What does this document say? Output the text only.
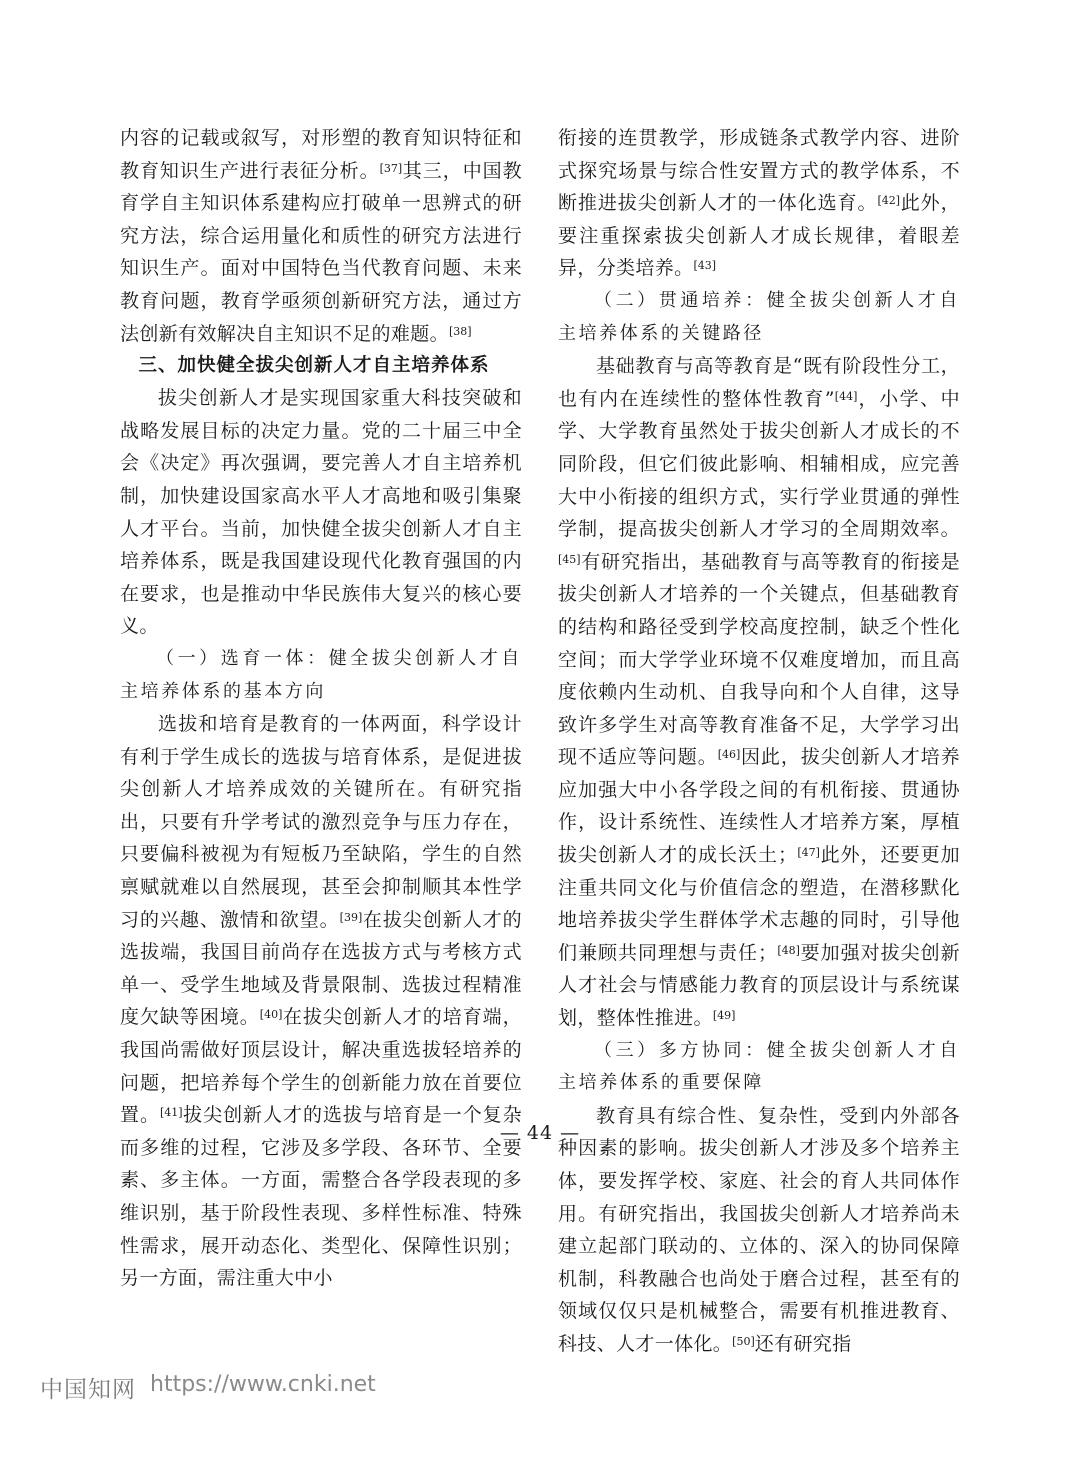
内容的记载或叙写，对形塑的教育知识特征和教育知识生产进行表征分析。[37]其三，中国教育学自主知识体系建构应打破单一思辨式的研究方法，综合运用量化和质性的研究方法进行知识生产。面对中国特色当代教育问题、未来教育问题，教育学亟须创新研究方法，通过方法创新有效解决自主知识不足的难题。[38]

三、加快健全拔尖创新人才自主培养体系

拔尖创新人才是实现国家重大科技突破和战略发展目标的决定力量。党的二十届三中全会《决定》再次强调，要完善人才自主培养机制，加快建设国家高水平人才高地和吸引集聚人才平台。当前，加快健全拔尖创新人才自主培养体系，既是我国建设现代化教育强国的内在要求，也是推动中华民族伟大复兴的核心要义。

（一）选育一体：健全拔尖创新人才自主培养体系的基本方向

选拔和培育是教育的一体两面，科学设计有利于学生成长的选拔与培育体系，是促进拔尖创新人才培养成效的关键所在。有研究指出，只要有升学考试的激烈竞争与压力存在，只要偏科被视为有短板乃至缺陷，学生的自然禀赋就难以自然展现，甚至会抑制顺其本性学习的兴趣、激情和欲望。[39]在拔尖创新人才的选拔端，我国目前尚存在选拔方式与考核方式单一、受学生地域及背景限制、选拔过程精准度欠缺等困境。[40]在拔尖创新人才的培育端，我国尚需做好顶层设计，解决重选拔轻培养的问题，把培养每个学生的创新能力放在首要位置。[41]拔尖创新人才的选拔与培育是一个复杂而多维的过程，它涉及多学段、各环节、全要素、多主体。一方面，需整合各学段表现的多维识别，基于阶段性表现、多样性标准、特殊性需求，展开动态化、类型化、保障性识别；另一方面，需注重大中小

衔接的连贯教学，形成链条式教学内容、进阶式探究场景与综合性安置方式的教学体系，不断推进拔尖创新人才的一体化选育。[42]此外，要注重探索拔尖创新人才成长规律，着眼差异，分类培养。[43]

（二）贯通培养：健全拔尖创新人才自主培养体系的关键路径

基础教育与高等教育是“既有阶段性分工，也有内在连续性的整体性教育”[44]，小学、中学、大学教育虽然处于拔尖创新人才成长的不同阶段，但它们彼此影响、相辅相成，应完善大中小衔接的组织方式，实行学业贯通的弹性学制，提高拔尖创新人才学习的全周期效率。[45]有研究指出，基础教育与高等教育的衔接是拔尖创新人才培养的一个关键点，但基础教育的结构和路径受到学校高度控制，缺乏个性化空间；而大学学业环境不仅难度增加，而且高度依赖内生动机、自我导向和个人自律，这导致许多学生对高等教育准备不足，大学学习出现不适应等问题。[46]因此，拔尖创新人才培养应加强大中小各学段之间的有机衔接、贯通协作，设计系统性、连续性人才培养方案，厚植拔尖创新人才的成长沃土；[47]此外，还要更加注重共同文化与价值信念的塑造，在潜移默化地培养拔尖学生群体学术志趣的同时，引导他们兼顾共同理想与责任；[48]要加强对拔尖创新人才社会与情感能力教育的顶层设计与系统谋划，整体性推进。[49]

（三）多方协同：健全拔尖创新人才自主培养体系的重要保障

教育具有综合性、复杂性，受到内外部各种因素的影响。拔尖创新人才涉及多个培养主体，要发挥学校、家庭、社会的育人共同体作用。有研究指出，我国拔尖创新人才培养尚未建立起部门联动的、立体的、深入的协同保障机制，科教融合也尚处于磨合过程，甚至有的领域仅仅只是机械整合，需要有机推进教育、科技、人才一体化。[50]还有研究指

— 44 —
中国知网 https://www.cnki.net
